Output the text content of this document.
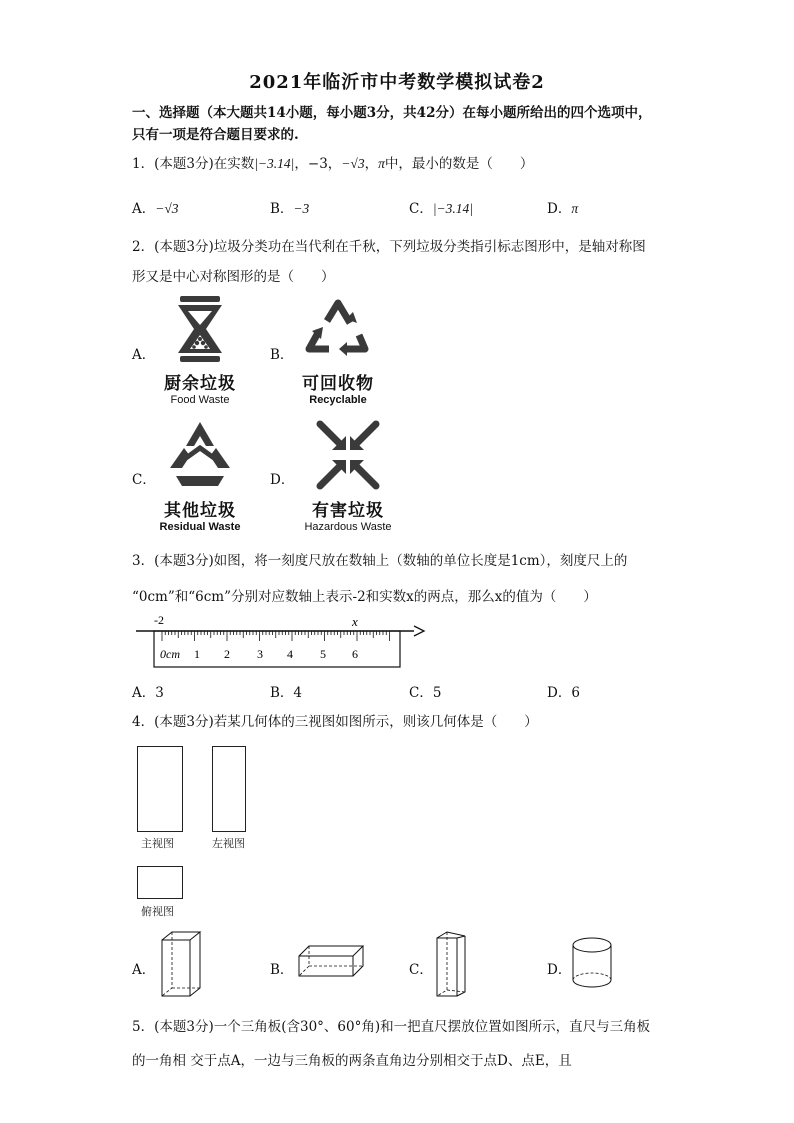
2021年临沂市中考数学模拟试卷2
一、选择题（本大题共14小题，每小题3分，共42分）在每小题所给出的四个选项中，
只有一项是符合题目要求的.
1．(本题3分)在实数|−3.14|，−3，−√3，π中，最小的数是（　　）
A．−√3	B．−3	C．|−3.14|	D．π
2．(本题3分)垃圾分类功在当代利在千秋，下列垃圾分类指引标志图形中，是轴对称图
形又是中心对称图形的是（　　）
A．
厨余垃圾
Food Waste
B．
可回收物
Recyclable
C．
其他垃圾
Residual Waste
D．
有害垃圾
Hazardous Waste
3．(本题3分)如图，将一刻度尺放在数轴上（数轴的单位长度是1cm），刻度尺上的
“0cm”和“6cm”分别对应数轴上表示-2和实数x的两点，那么x的值为（　　）
-2	x
0cm 1 2 3 4 5 6
A．3	B．4	C．5	D．6
4．(本题3分)若某几何体的三视图如图所示，则该几何体是（　　）
主视图	左视图
俯视图
A．	B．	C．	D．
5．(本题3分)一个三角板(含30°、60°角)和一把直尺摆放位置如图所示，直尺与三角板
的一角相 交于点A，一边与三角板的两条直角边分别相交于点D、点E，且
